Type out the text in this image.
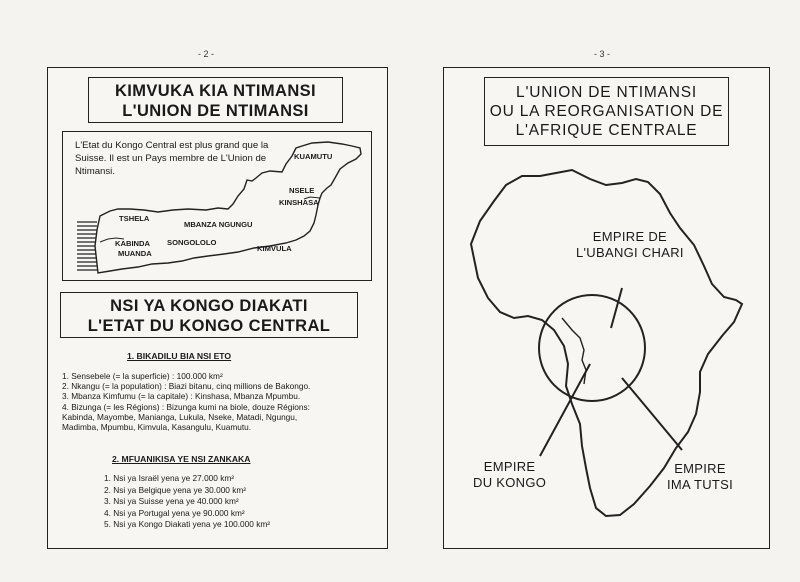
- 2 -	- 3 -
KIMVUKA KIA NTIMANSI
L'UNION DE NTIMANSI
L'Etat du Kongo Central est plus grand que la Suisse. Il est un Pays membre de L'Union de Ntimansi.
KUAMUTU
NSELE
KINSHASA
TSHELA
MBANZA NGUNGU
KABINDA
MUANDA
SONGOLOLO
KIMVULA
NSI YA KONGO DIAKATI
L'ETAT DU KONGO CENTRAL
1. BIKADILU BIA NSI ETO
1. Sensebele (= la superficie) : 100.000 km²
2. Nkangu (= la population) : Biazi bitanu, cinq millions de Bakongo.
3. Mbanza Kimfumu (= la capitale) : Kinshasa, Mbanza Mpumbu.
4. Bizunga (= les Régions) : Bizunga kumi na biole, douze Régions:
Kabinda, Mayombe, Manianga, Lukula, Nseke, Matadi, Ngungu,
Madimba, Mpumbu, Kimvula, Kasangulu, Kuamutu.
2. MFUANIKISA YE NSI ZANKAKA
1. Nsi ya Israël yena ye 27.000 km²
2. Nsi ya Belgique yena ye 30.000 km²
3. Nsi ya Suisse yena ye 40.000 km²
4. Nsi ya Portugal yena ye 90.000 km²
5. Nsi ya Kongo Diakati yena ye 100.000 km²
L'UNION DE NTIMANSI
OU LA REORGANISATION DE
L'AFRIQUE CENTRALE
EMPIRE DE
L'UBANGI CHARI
EMPIRE
DU KONGO
EMPIRE
IMA TUTSI
